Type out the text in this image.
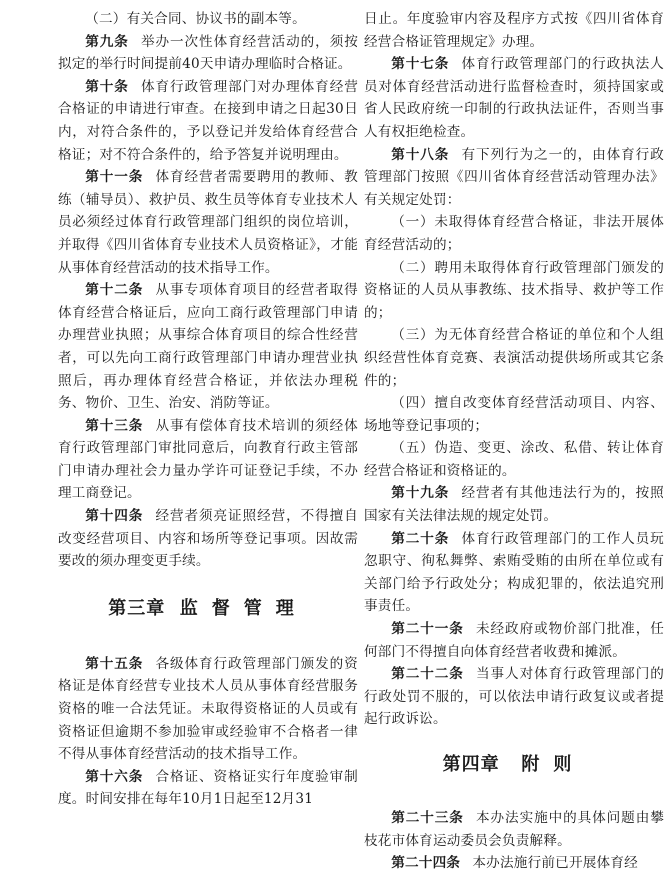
（二）有关合同、协议书的副本等。

第九条 举办一次性体育经营活动的，须按拟定的举行时间提前40天申请办理临时合格证。

第十条 体育行政管理部门对办理体育经营合格证的申请进行审查。在接到申请之日起30日内，对符合条件的，予以登记并发给体育经营合格证；对不符合条件的，给予答复并说明理由。

第十一条 体育经营者需要聘用的教师、教练（辅导员）、救护员、救生员等体育专业技术人员必须经过体育行政管理部门组织的岗位培训，并取得《四川省体育专业技术人员资格证》，才能从事体育经营活动的技术指导工作。

第十二条 从事专项体育项目的经营者取得体育经营合格证后，应向工商行政管理部门申请办理营业执照；从事综合体育项目的综合性经营者，可以先向工商行政管理部门申请办理营业执照后，再办理体育经营合格证，并依法办理税务、物价、卫生、治安、消防等证。

第十三条 从事有偿体育技术培训的须经体育行政管理部门审批同意后，向教育行政主管部门申请办理社会力量办学许可证登记手续，不办理工商登记。

第十四条 经营者须亮证照经营，不得擅自改变经营项目、内容和场所等登记事项。因故需要改的须办理变更手续。

第三章 监督管理

第十五条 各级体育行政管理部门颁发的资格证是体育经营专业技术人员从事体育经营服务资格的唯一合法凭证。未取得资格证的人员或有资格证但逾期不参加验审或经验审不合格者一律不得从事体育经营活动的技术指导工作。

第十六条 合格证、资格证实行年度验审制度。时间安排在每年10月1日起至12月31

日止。年度验审内容及程序方式按《四川省体育经营合格证管理规定》办理。

第十七条 体育行政管理部门的行政执法人员对体育经营活动进行监督检查时，须持国家或省人民政府统一印制的行政执法证件，否则当事人有权拒绝检查。

第十八条 有下列行为之一的，由体育行政管理部门按照《四川省体育经营活动管理办法》有关规定处罚：

（一）未取得体育经营合格证，非法开展体育经营活动的；

（二）聘用未取得体育行政管理部门颁发的资格证的人员从事教练、技术指导、救护等工作的；

（三）为无体育经营合格证的单位和个人组织经营性体育竞赛、表演活动提供场所或其它条件的；

（四）擅自改变体育经营活动项目、内容、场地等登记事项的；

（五）伪造、变更、涂改、私借、转让体育经营合格证和资格证的。

第十九条 经营者有其他违法行为的，按照国家有关法律法规的规定处罚。

第二十条 体育行政管理部门的工作人员玩忽职守、徇私舞弊、索贿受贿的由所在单位或有关部门给予行政处分；构成犯罪的，依法追究刑事责任。

第二十一条 未经政府或物价部门批准，任何部门不得擅自向体育经营者收费和摊派。

第二十二条 当事人对体育行政管理部门的行政处罚不服的，可以依法申请行政复议或者提起行政诉讼。

第四章 附则

第二十三条 本办法实施中的具体问题由攀枝花市体育运动委员会负责解释。

第二十四条 本办法施行前已开展体育经
